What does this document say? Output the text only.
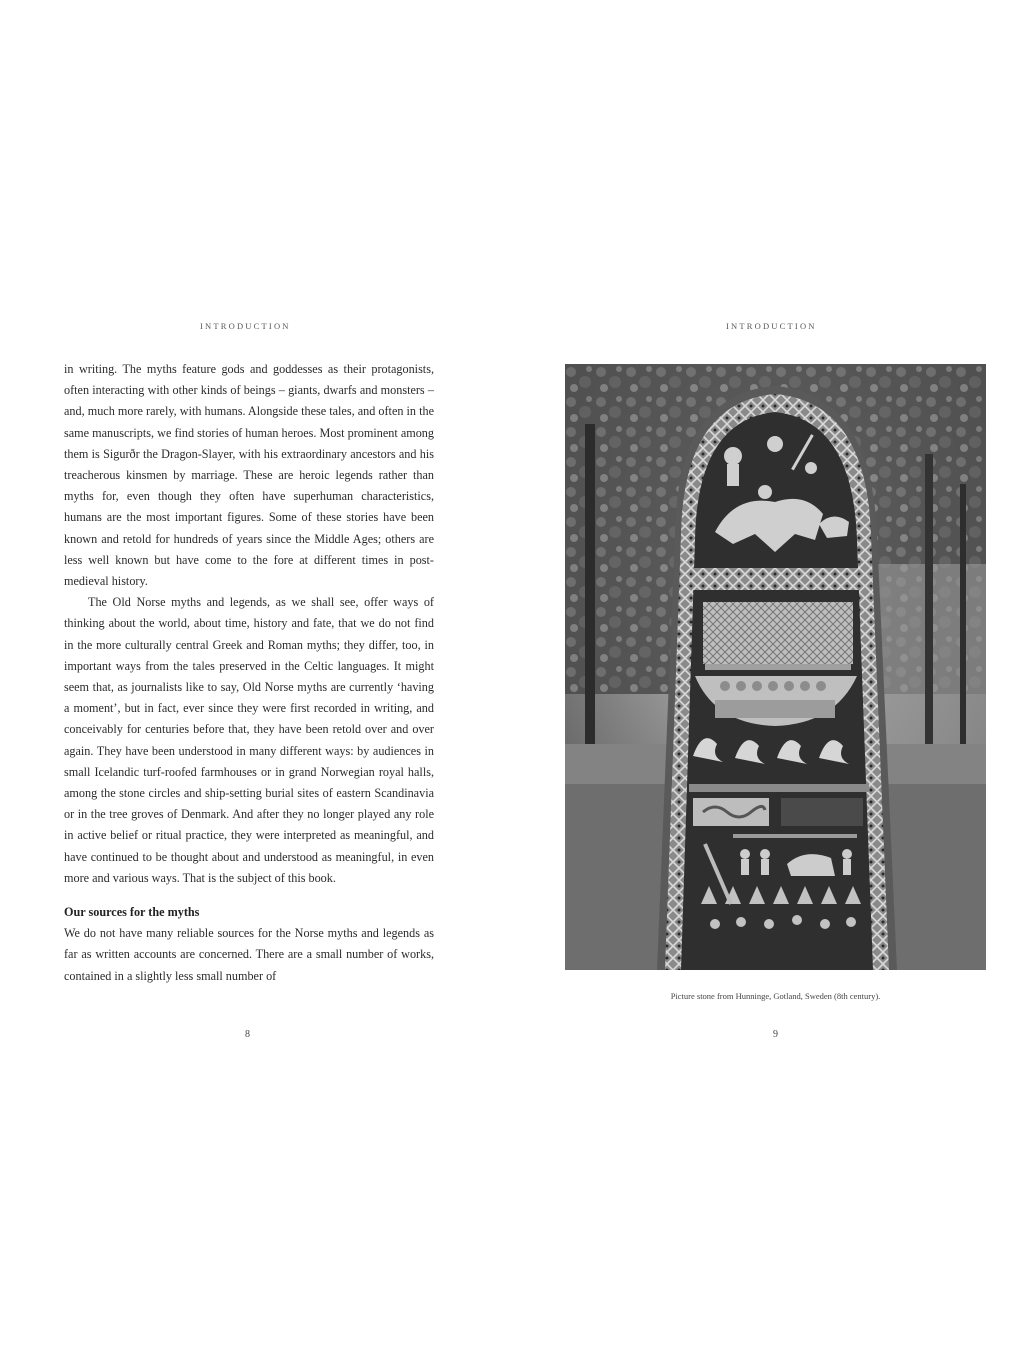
INTRODUCTION

in writing. The myths feature gods and goddesses as their protagonists, often interacting with other kinds of beings – giants, dwarfs and monsters – and, much more rarely, with humans. Alongside these tales, and often in the same manuscripts, we find stories of human heroes. Most prominent among them is Sigurðr the Dragon-Slayer, with his extraordinary ancestors and his treacherous kinsmen by marriage. These are heroic legends rather than myths for, even though they often have superhuman characteristics, humans are the most important figures. Some of these stories have been known and retold for hundreds of years since the Middle Ages; others are less well known but have come to the fore at different times in post-medieval history.

The Old Norse myths and legends, as we shall see, offer ways of thinking about the world, about time, history and fate, that we do not find in the more culturally central Greek and Roman myths; they differ, too, in important ways from the tales preserved in the Celtic languages. It might seem that, as journalists like to say, Old Norse myths are currently ‘having a moment’, but in fact, ever since they were first recorded in writing, and conceivably for centuries before that, they have been retold over and over again. They have been understood in many different ways: by audiences in small Icelandic turf-roofed farmhouses or in grand Norwegian royal halls, among the stone circles and ship-setting burial sites of eastern Scandinavia or in the tree groves of Denmark. And after they no longer played any role in active belief or ritual practice, they were interpreted as meaningful, and have continued to be thought about and understood as meaningful, in even more and various ways. That is the subject of this book.

Our sources for the myths

We do not have many reliable sources for the Norse myths and legends as far as written accounts are concerned. There are a small number of works, contained in a slightly less small number of

8
INTRODUCTION
Picture stone from Hunninge, Gotland, Sweden (8th century).
9
